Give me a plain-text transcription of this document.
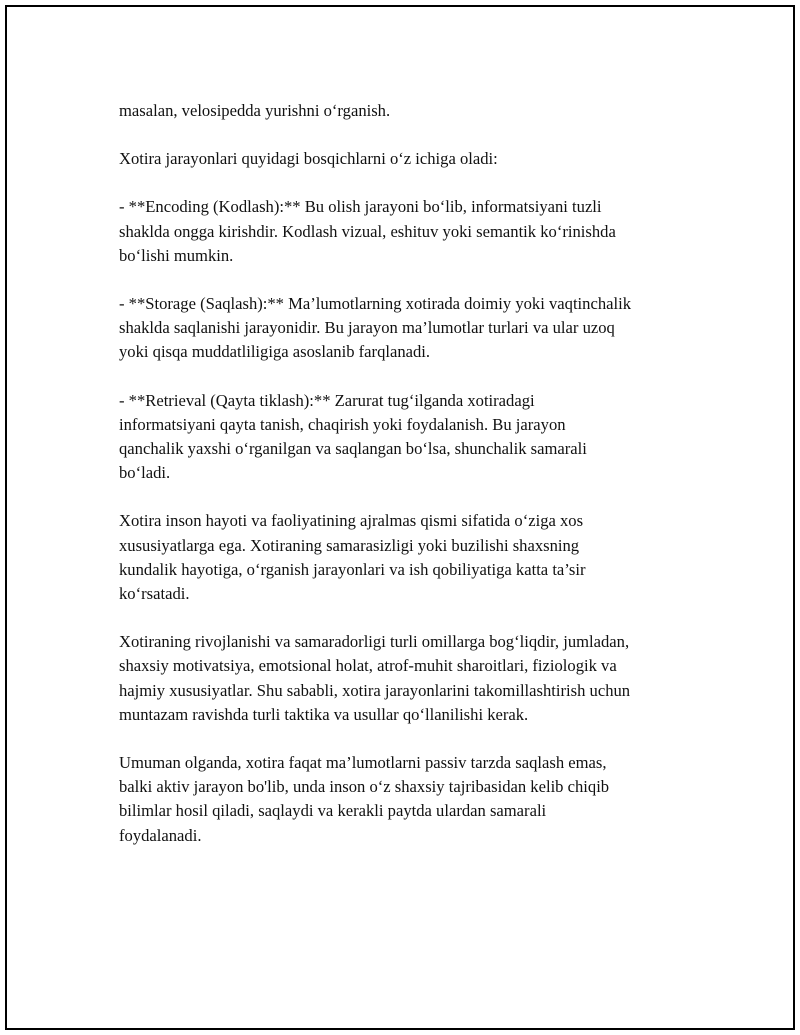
masalan, velosipedda yurishni o‘rganish.

Xotira jarayonlari quyidagi bosqichlarni o‘z ichiga oladi:

- **Encoding (Kodlash):** Bu olish jarayoni bo‘lib, informatsiyani tuzli
shaklda ongga kirishdir. Kodlash vizual, eshituv yoki semantik ko‘rinishda
bo‘lishi mumkin.

- **Storage (Saqlash):** Ma’lumotlarning xotirada doimiy yoki vaqtinchalik
shaklda saqlanishi jarayonidir. Bu jarayon ma’lumotlar turlari va ular uzoq
yoki qisqa muddatliligiga asoslanib farqlanadi.

- **Retrieval (Qayta tiklash):** Zarurat tug‘ilganda xotiradagi
informatsiyani qayta tanish, chaqirish yoki foydalanish. Bu jarayon
qanchalik yaxshi o‘rganilgan va saqlangan bo‘lsa, shunchalik samarali
bo‘ladi.

Xotira inson hayoti va faoliyatining ajralmas qismi sifatida o‘ziga xos
xususiyatlarga ega. Xotiraning samarasizligi yoki buzilishi shaxsning
kundalik hayotiga, o‘rganish jarayonlari va ish qobiliyatiga katta ta’sir
ko‘rsatadi.

Xotiraning rivojlanishi va samaradorligi turli omillarga bog‘liqdir, jumladan,
shaxsiy motivatsiya, emotsional holat, atrof-muhit sharoitlari, fiziologik va
hajmiy xususiyatlar. Shu sababli, xotira jarayonlarini takomillashtirish uchun
muntazam ravishda turli taktika va usullar qo‘llanilishi kerak.

Umuman olganda, xotira faqat ma’lumotlarni passiv tarzda saqlash emas,
balki aktiv jarayon bo'lib, unda inson o‘z shaxsiy tajribasidan kelib chiqib
bilimlar hosil qiladi, saqlaydi va kerakli paytda ulardan samarali
foydalanadi.
